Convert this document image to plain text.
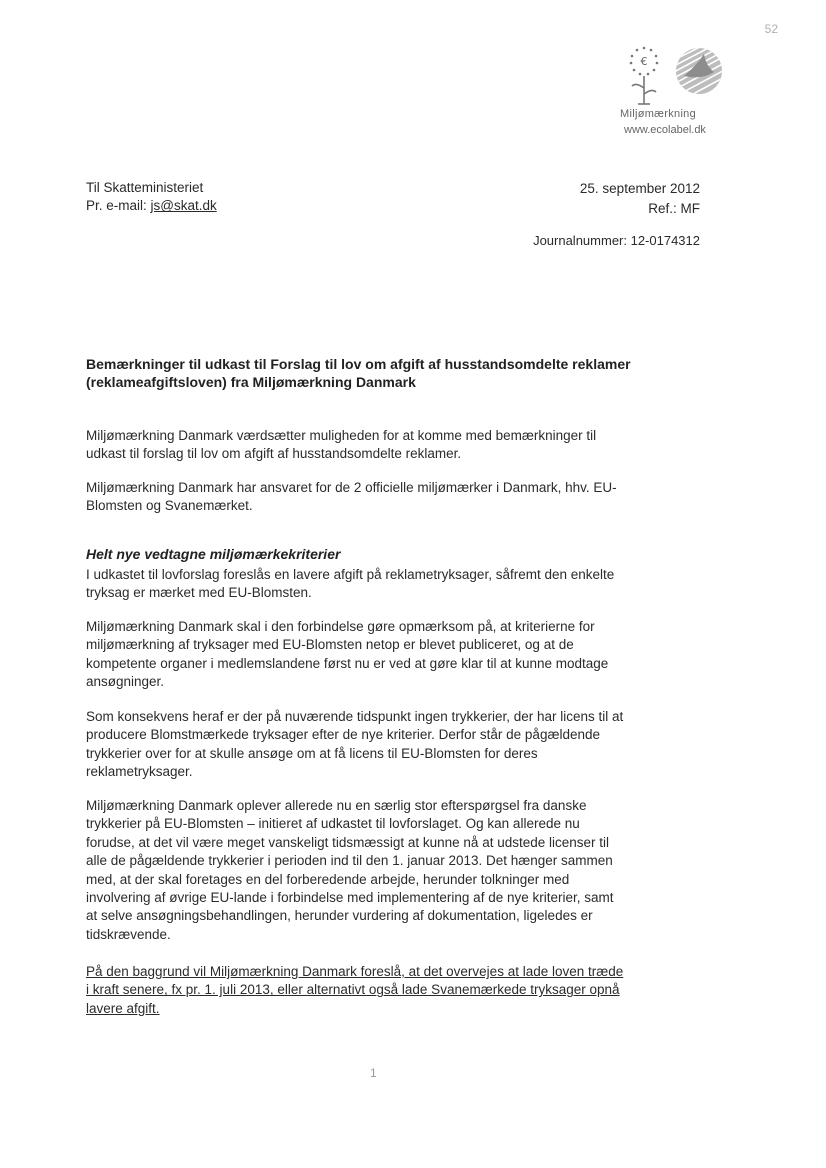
52
€
Miljømærkning
www.ecolabel.dk
Til Skatteministeriet
Pr. e-mail: js@skat.dk
25. september 2012
Ref.: MF
Journalnummer: 12-0174312
Bemærkninger til udkast til Forslag til lov om afgift af husstandsomdelte reklamer
(reklameafgiftsloven) fra Miljømærkning Danmark
Miljømærkning Danmark værdsætter muligheden for at komme med bemærkninger til
udkast til forslag til lov om afgift af husstandsomdelte reklamer.
Miljømærkning Danmark har ansvaret for de 2 officielle miljømærker i Danmark, hhv. EU-
Blomsten og Svanemærket.
Helt nye vedtagne miljømærkekriterier
I udkastet til lovforslag foreslås en lavere afgift på reklametryksager, såfremt den enkelte
tryksag er mærket med EU-Blomsten.
Miljømærkning Danmark skal i den forbindelse gøre opmærksom på, at kriterierne for
miljømærkning af tryksager med EU-Blomsten netop er blevet publiceret, og at de
kompetente organer i medlemslandene først nu er ved at gøre klar til at kunne modtage
ansøgninger.
Som konsekvens heraf er der på nuværende tidspunkt ingen trykkerier, der har licens til at
producere Blomstmærkede tryksager efter de nye kriterier. Derfor står de pågældende
trykkerier over for at skulle ansøge om at få licens til EU-Blomsten for deres
reklametryksager.
Miljømærkning Danmark oplever allerede nu en særlig stor efterspørgsel fra danske
trykkerier på EU-Blomsten – initieret af udkastet til lovforslaget. Og kan allerede nu
forudse, at det vil være meget vanskeligt tidsmæssigt at kunne nå at udstede licenser til
alle de pågældende trykkerier i perioden ind til den 1. januar 2013. Det hænger sammen
med, at der skal foretages en del forberedende arbejde, herunder tolkninger med
involvering af øvrige EU-lande i forbindelse med implementering af de nye kriterier, samt
at selve ansøgningsbehandlingen, herunder vurdering af dokumentation, ligeledes er
tidskrævende.
På den baggrund vil Miljømærkning Danmark foreslå, at det overvejes at lade loven træde
i kraft senere, fx pr. 1. juli 2013, eller alternativt også lade Svanemærkede tryksager opnå
lavere afgift.
1
